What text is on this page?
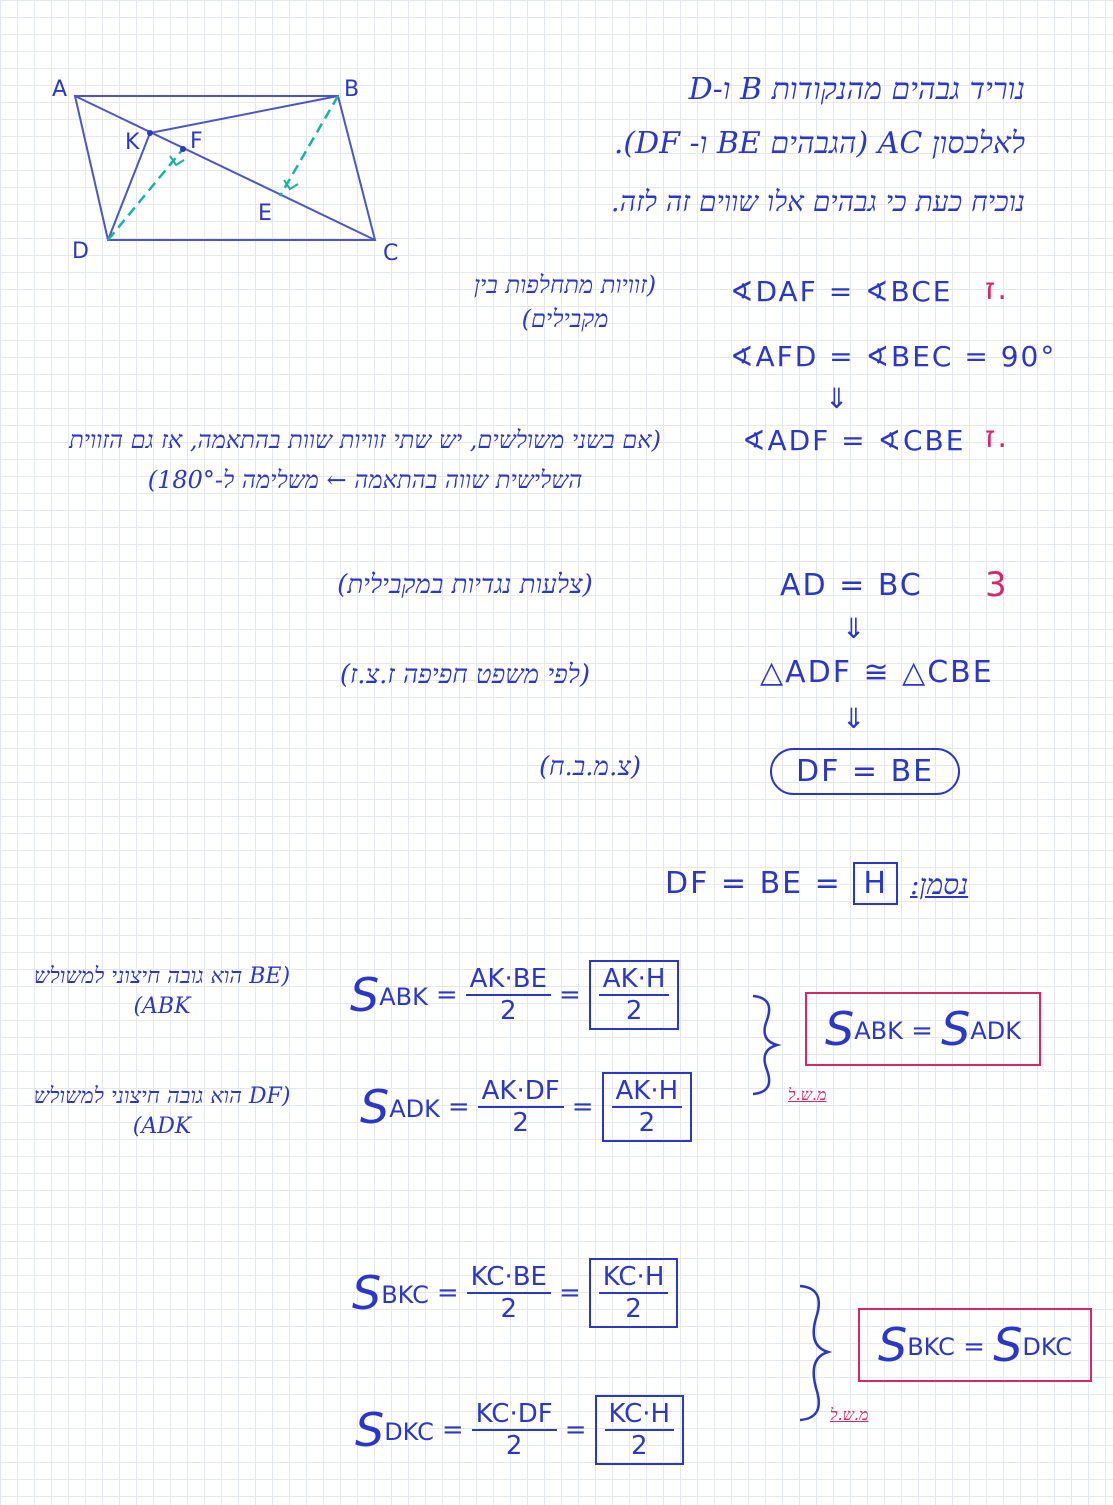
A	B
C
D
K F
E
נוריד גבהים מהנקודות B ו-D
לאלכסון AC (הגבהים BE ו- DF).
נוכיח כעת כי גבהים אלו שווים זה לזה.
ז.
∢DAF = ∢BCE
(זוויות מתחלפות בין מקבילים)
∢AFD = ∢BEC = 90°
⇓
ז.
∢ADF = ∢CBE
(אם בשני משולשים, יש שתי זוויות שוות בהתאמה, אז גם הזווית השלישית שווה בהתאמה ← משלימה ל-180°)
3
AD = BC
(צלעות נגדיות במקבילית)
⇓
△ADF ≅ △CBE
(לפי משפט חפיפה ז.צ.ז)
⇓
DF = BE
(צ.מ.ב.ח)
נסמן:
DF = BE = H
(BE הוא גובה חיצוני למשולש ABK)	SABK = $\frac{AK\cdot BE}{2} = \frac{AK\cdot H}{2}$
(DF הוא גובה חיצוני למשולש ADK)	SADK = $\frac{AK\cdot DF}{2} = \frac{AK\cdot H}{2}$
SABK = SADK
מ.ש.ל
SBKC = $\frac{KC\cdot BE}{2} = \frac{KC\cdot H}{2}$
SDKC = $\frac{KC\cdot DF}{2} = \frac{KC\cdot H}{2}$
SBKC = SDKC
מ.ש.ל
